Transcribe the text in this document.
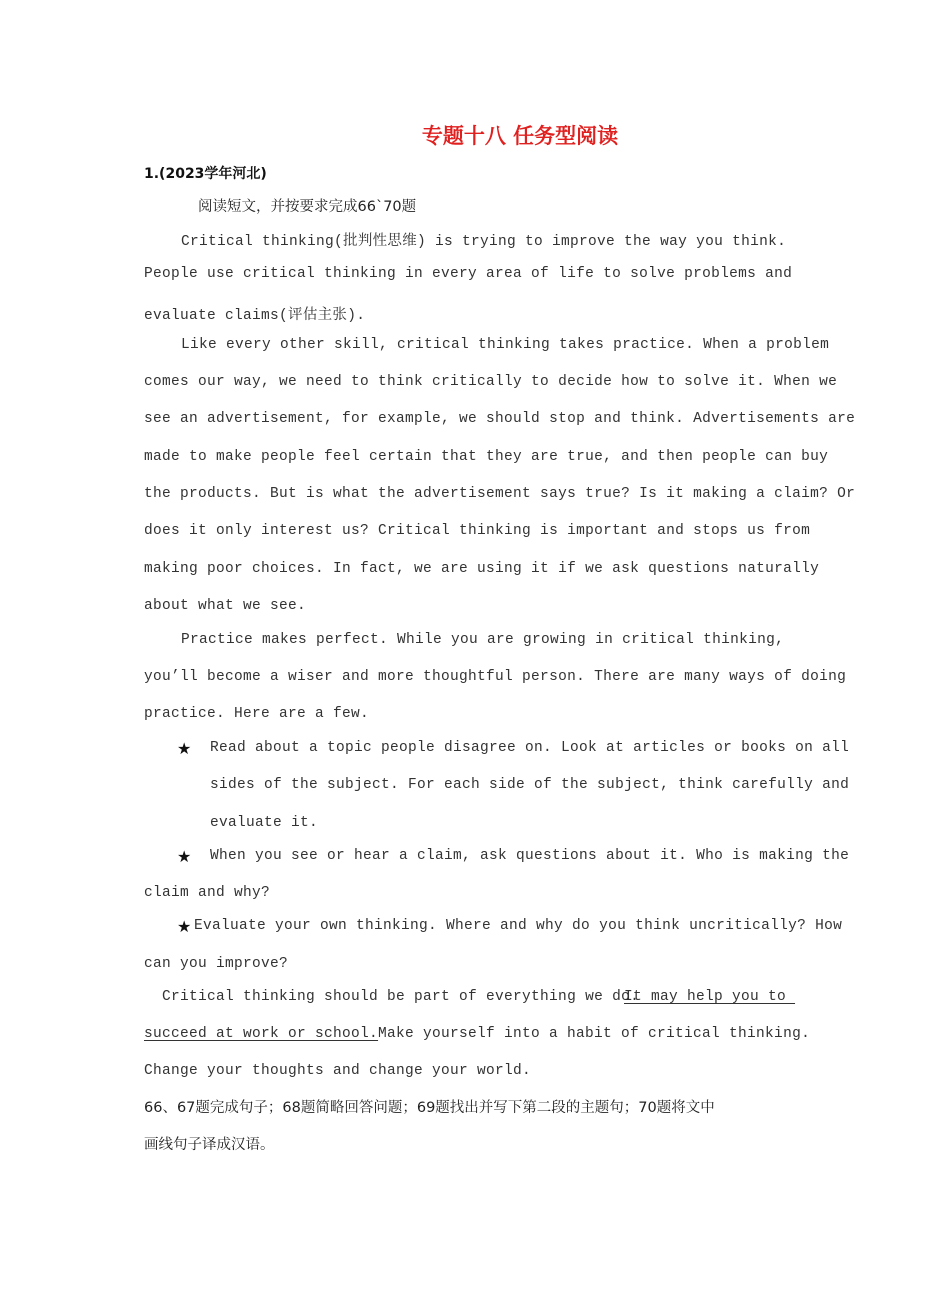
专题十八 任务型阅读
1.(2023学年河北)
阅读短文，并按要求完成66`70题
Critical thinking(批判性思维) is trying to improve the way you think.
People use critical thinking in every area of life to solve problems and
evaluate claims(评估主张).
Like every other skill, critical thinking takes practice. When a problem
comes our way, we need to think critically to decide how to solve it. When we
see an advertisement, for example, we should stop and think. Advertisements are
made to make people feel certain that they are true, and then people can buy
the products. But is what the advertisement says true? Is it making a claim? Or
does it only interest us? Critical thinking is important and stops us from
making poor choices. In fact, we are using it if we ask questions naturally
about what we see.
Practice makes perfect. While you are growing in critical thinking,
you’ll become a wiser and more thoughtful person. There are many ways of doing
practice. Here are a few.
★ Read about a topic people disagree on. Look at articles or books on all
sides of the subject. For each side of the subject, think carefully and
evaluate it.
★ When you see or hear a claim, ask questions about it. Who is making the
claim and why?
★ Evaluate your own thinking. Where and why do you think uncritically? How
can you improve?
Critical thinking should be part of everything we do.
It may help you to
succeed at work or school. Make yourself into a habit of critical thinking.
Change your thoughts and change your world.
66、67题完成句子；68题简略回答问题；69题找出并写下第二段的主题句；70题将文中
画线句子译成汉语。
